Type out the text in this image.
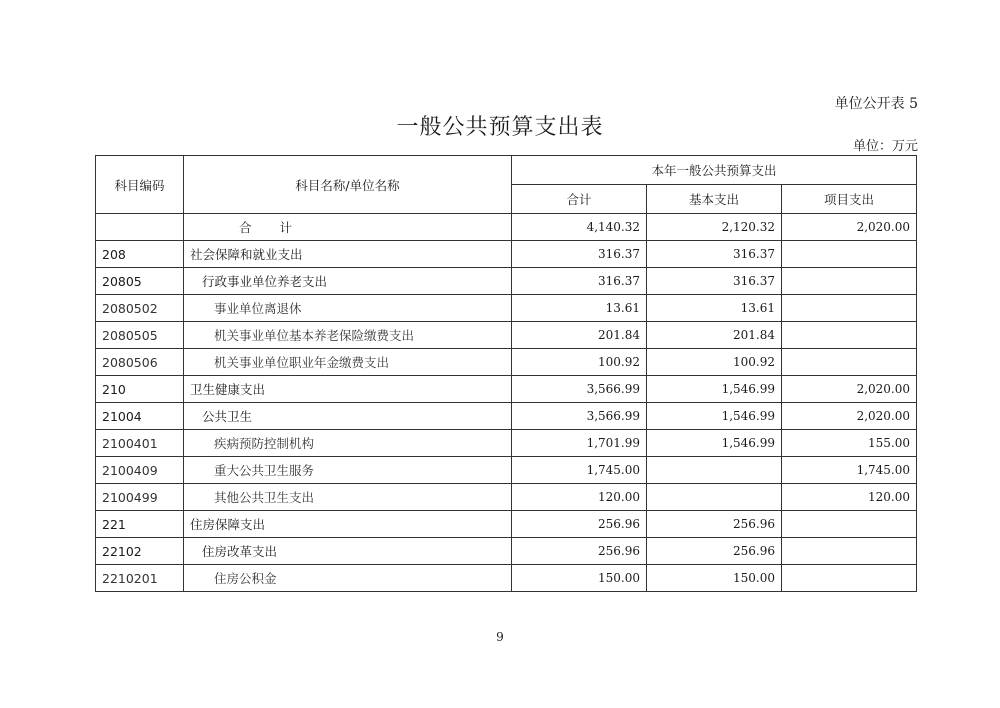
单位公开表 5
一般公共预算支出表
单位：万元
科目编码	科目名称/单位名称	本年一般公共预算支出		
		合计	基本支出	项目支出
	合 计	4,140.32	2,120.32	2,020.00
208	社会保障和就业支出	316.37	316.37	
20805	行政事业单位养老支出	316.37	316.37	
2080502	事业单位离退休	13.61	13.61	
2080505	机关事业单位基本养老保险缴费支出	201.84	201.84	
2080506	机关事业单位职业年金缴费支出	100.92	100.92	
210	卫生健康支出	3,566.99	1,546.99	2,020.00
21004	公共卫生	3,566.99	1,546.99	2,020.00
2100401	疾病预防控制机构	1,701.99	1,546.99	155.00
2100409	重大公共卫生服务	1,745.00		1,745.00
2100499	其他公共卫生支出	120.00		120.00
221	住房保障支出	256.96	256.96	
22102	住房改革支出	256.96	256.96	
2210201	住房公积金	150.00	150.00	
9
